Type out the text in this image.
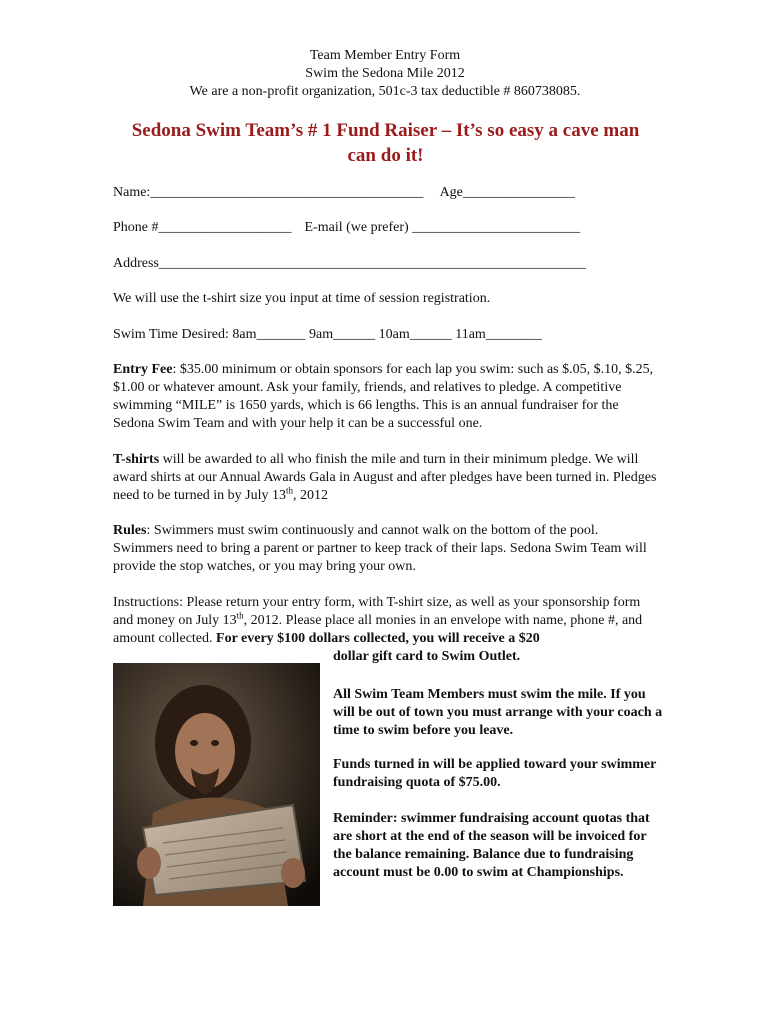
Team Member Entry Form
Swim the Sedona Mile 2012
We are a non-profit organization, 501c-3 tax deductible # 860738085.
Sedona Swim Team’s # 1 Fund Raiser – It’s so easy a cave man
can do it!
Name:_______________________________________ Age________________
Phone #___________________ E-mail (we prefer) ________________________
Address_____________________________________________________________
We will use the t-shirt size you input at time of session registration.
Swim Time Desired: 8am_______ 9am______ 10am______ 11am________
Entry Fee: $35.00 minimum or obtain sponsors for each lap you swim: such as $.05, $.10, $.25, $1.00 or whatever amount. Ask your family, friends, and relatives to pledge. A competitive swimming “MILE” is 1650 yards, which is 66 lengths. This is an annual fundraiser for the Sedona Swim Team and with your help it can be a successful one.
T-shirts will be awarded to all who finish the mile and turn in their minimum pledge. We will award shirts at our Annual Awards Gala in August and after pledges have been turned in. Pledges need to be turned in by July 13th, 2012
Rules: Swimmers must swim continuously and cannot walk on the bottom of the pool. Swimmers need to bring a parent or partner to keep track of their laps. Sedona Swim Team will provide the stop watches, or you may bring your own.
Instructions: Please return your entry form, with T-shirt size, as well as your sponsorship form and money on July 13th, 2012. Please place all monies in an envelope with name, phone #, and amount collected. For every $100 dollars collected, you will receive a $20
dollar gift card to Swim Outlet.
All Swim Team Members must swim the mile. If you will be out of town you must arrange with your coach a time to swim before you leave.
Funds turned in will be applied toward your swimmer fundraising quota of $75.00.
Reminder: swimmer fundraising account quotas that are short at the end of the season will be invoiced for the balance remaining. Balance due to fundraising account must be 0.00 to swim at Championships.
